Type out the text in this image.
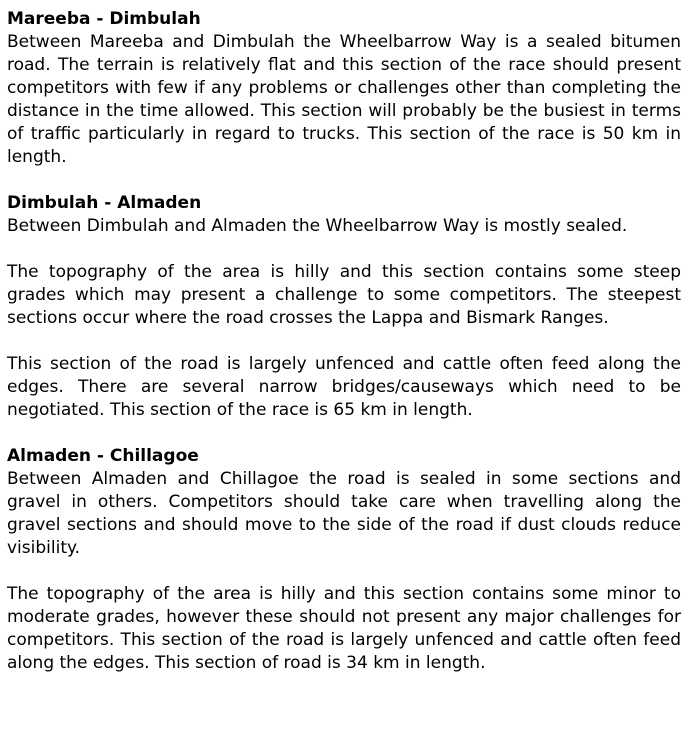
Mareeba - Dimbulah

Between Mareeba and Dimbulah the Wheelbarrow Way is a sealed bitumen road. The terrain is relatively flat and this section of the race should present competitors with few if any problems or challenges other than completing the distance in the time allowed. This section will probably be the busiest in terms of traffic particularly in regard to trucks. This section of the race is 50 km in length.

Dimbulah - Almaden

Between Dimbulah and Almaden the Wheelbarrow Way is mostly sealed.

The topography of the area is hilly and this section contains some steep grades which may present a challenge to some competitors. The steepest sections occur where the road crosses the Lappa and Bismark Ranges.

This section of the road is largely unfenced and cattle often feed along the edges. There are several narrow bridges/causeways which need to be negotiated. This section of the race is 65 km in length.

Almaden - Chillagoe

Between Almaden and Chillagoe the road is sealed in some sections and gravel in others. Competitors should take care when travelling along the gravel sections and should move to the side of the road if dust clouds reduce visibility.

The topography of the area is hilly and this section contains some minor to moderate grades, however these should not present any major challenges for competitors. This section of the road is largely unfenced and cattle often feed along the edges. This section of road is 34 km in length.
